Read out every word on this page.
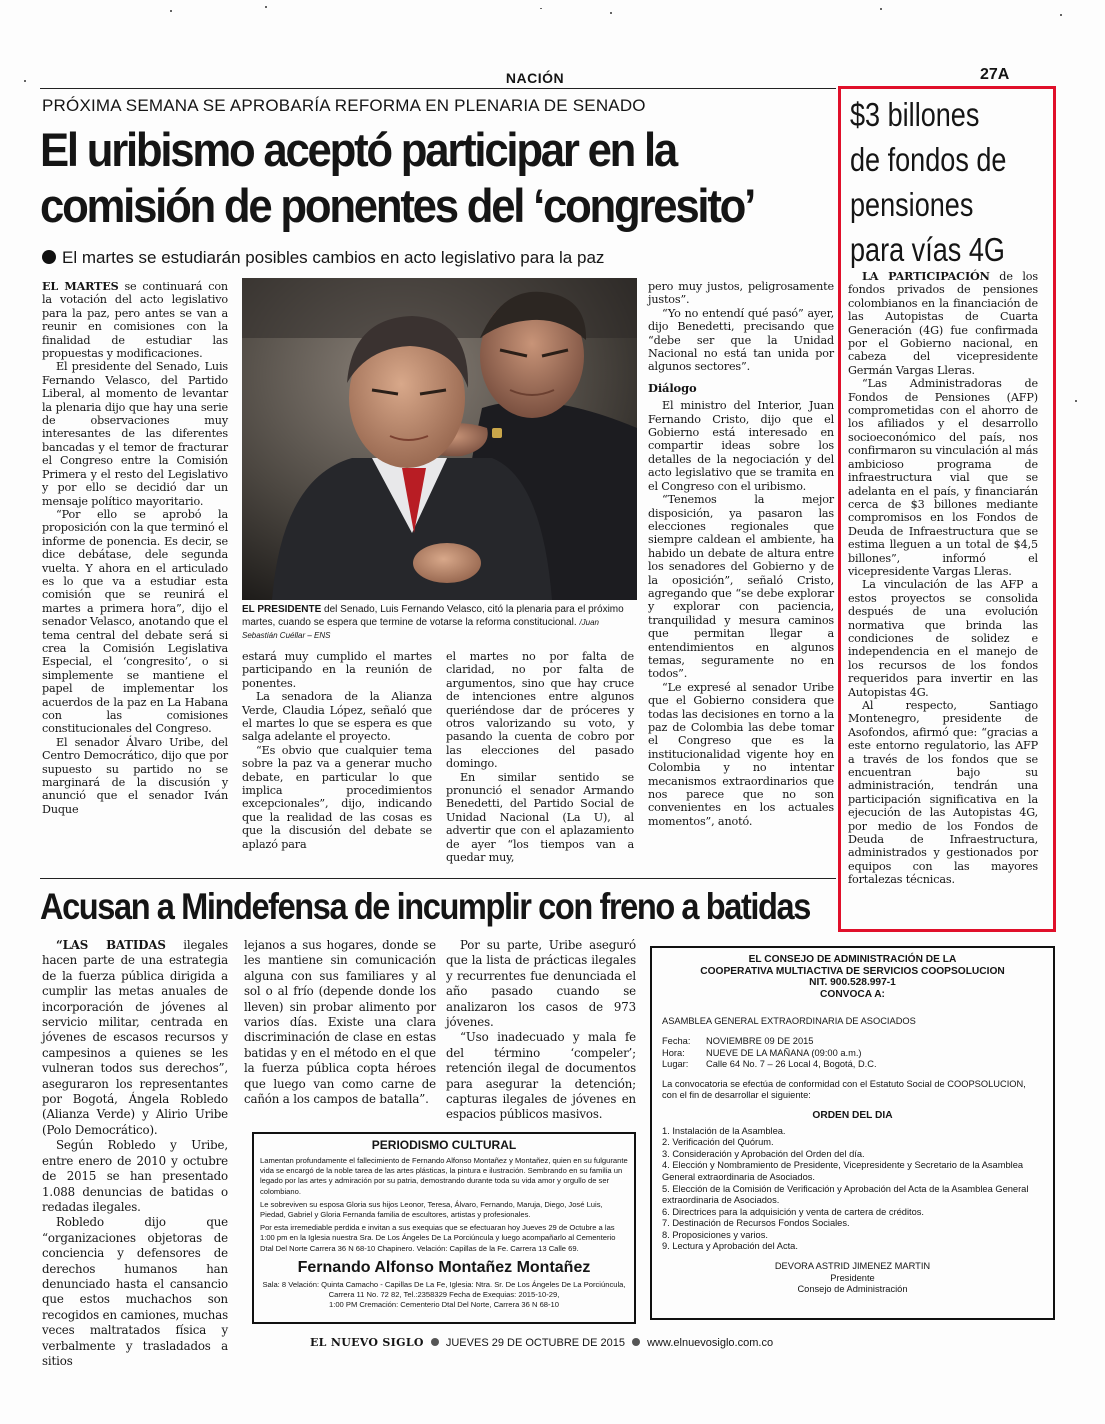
NACIÓN	27A
PRÓXIMA SEMANA SE APROBARÍA REFORMA EN PLENARIA DE SENADO
El uribismo aceptó participar en la
comisión de ponentes del ‘congresito’
El martes se estudiarán posibles cambios en acto legislativo para la paz

EL MARTES se continuará con la votación del acto legislativo para la paz, pero antes se van a reunir en comisiones con la finalidad de estudiar las propuestas y modificaciones.

El presidente del Senado, Luis Fernando Velasco, del Partido Liberal, al momento de levantar la plenaria dijo que hay una serie de observaciones muy interesantes de las diferentes bancadas y el temor de fracturar el Congreso entre la Comisión Primera y el resto del Legislativo y por ello se decidió dar un mensaje político mayoritario.

“Por ello se aprobó la proposición con la que terminó el informe de ponencia. Es decir, se dice debátase, dele segunda vuelta. Y ahora en el articulado es lo que va a estudiar esta comisión que se reunirá el martes a primera hora”, dijo el senador Velasco, anotando que el tema central del debate será si crea la Comisión Legislativa Especial, el ‘congresito’, o si simplemente se mantiene el papel de implementar los acuerdos de la paz en La Habana con las comisiones constitucionales del Congreso.

El senador Álvaro Uribe, del Centro Democrático, dijo que por supuesto su partido no se marginará de la discusión y anunció que el senador Iván Duque

EL PRESIDENTE del Senado, Luis Fernando Velasco, citó la plenaria para el próximo martes, cuando se espera que termine de votarse la reforma constitucional. /Juan Sebastián Cuéllar – ENS

estará muy cumplido el martes participando en la reunión de ponentes.

La senadora de la Alianza Verde, Claudia López, señaló que el martes lo que se espera es que salga adelante el proyecto.

“Es obvio que cualquier tema sobre la paz va a generar mucho debate, en particular lo que implica procedimientos excepcionales”, dijo, indicando que la realidad de las cosas es que la discusión del debate se aplazó para

el martes no por falta de claridad, no por falta de argumentos, sino que hay cruce de intenciones entre algunos queriéndose dar de próceres y otros valorizando su voto, y pasando la cuenta de cobro por las elecciones del pasado domingo.

En similar sentido se pronunció el senador Armando Benedetti, del Partido Social de Unidad Nacional (La U), al advertir que con el aplazamiento de ayer “los tiempos van a quedar muy,

pero muy justos, peligrosamente justos”.

“Yo no entendí qué pasó” ayer, dijo Benedetti, precisando que “debe ser que la Unidad Nacional no está tan unida por algunos sectores”.

Diálogo

El ministro del Interior, Juan Fernando Cristo, dijo que el Gobierno está interesado en compartir ideas sobre los detalles de la negociación y del acto legislativo que se tramita en el Congreso con el uribismo.

“Tenemos la mejor disposición, ya pasaron las elecciones regionales que siempre caldean el ambiente, ha habido un debate de altura entre los senadores del Gobierno y de la oposición”, señaló Cristo, agregando que “se debe explorar y explorar con paciencia, tranquilidad y mesura caminos que permitan llegar a entendimientos en algunos temas, seguramente no en todos”.

“Le expresé al senador Uribe que el Gobierno considera que todas las decisiones en torno a la paz de Colombia las debe tomar el Congreso que es la institucionalidad vigente hoy en Colombia y no intentar mecanismos extraordinarios que nos parece que no son convenientes en los actuales momentos”, anotó.

$3 billones
de fondos de
pensiones
para vías 4G

LA PARTICIPACIÓN de los fondos privados de pensiones colombianos en la financiación de las Autopistas de Cuarta Generación (4G) fue confirmada por el Gobierno nacional, en cabeza del vicepresidente Germán Vargas Lleras.

“Las Administradoras de Fondos de Pensiones (AFP) comprometidas con el ahorro de los afiliados y el desarrollo socioeconómico del país, nos confirmaron su vinculación al más ambicioso programa de infraestructura vial que se adelanta en el país, y financiarán cerca de $3 billones mediante compromisos en los Fondos de Deuda de Infraestructura que se estima lleguen a un total de $4,5 billones”, informó el vicepresidente Vargas Lleras.

La vinculación de las AFP a estos proyectos se consolida después de una evolución normativa que brinda las condiciones de solidez e independencia en el manejo de los recursos de los fondos requeridos para invertir en las Autopistas 4G.

Al respecto, Santiago Montenegro, presidente de Asofondos, afirmó que: “gracias a este entorno regulatorio, las AFP a través de los fondos que se encuentran bajo su administración, tendrán una participación significativa en la ejecución de las Autopistas 4G, por medio de los Fondos de Deuda de Infraestructura, administrados y gestionados por equipos con las mayores fortalezas técnicas.

Acusan a Mindefensa de incumplir con freno a batidas

“LAS BATIDAS ilegales hacen parte de una estrategia de la fuerza pública dirigida a cumplir las metas anuales de incorporación de jóvenes al servicio militar, centrada en jóvenes de escasos recursos y campesinos a quienes se les vulneran todos sus derechos”, aseguraron los representantes por Bogotá, Ángela Robledo (Alianza Verde) y Alirio Uribe (Polo Democrático).

Según Robledo y Uribe, entre enero de 2010 y octubre de 2015 se han presentado 1.088 denuncias de batidas o redadas ilegales.

Robledo dijo que “organizaciones objetoras de conciencia y defensores de derechos humanos han denunciado hasta el cansancio que estos muchachos son recogidos en camiones, muchas veces maltratados física y verbalmente y trasladados a sitios

lejanos a sus hogares, donde se les mantiene sin comunicación alguna con sus familiares y al sol o al frío (depende donde los lleven) sin probar alimento por varios días. Existe una clara discriminación de clase en estas batidas y en el método en el que la fuerza pública copta héroes que luego van como carne de cañón a los campos de batalla”.

Por su parte, Uribe aseguró que la lista de prácticas ilegales y recurrentes fue denunciada el año pasado cuando se analizaron los casos de 973 jóvenes.

“Uso inadecuado y mala fe del término ‘compeler’; retención ilegal de documentos para asegurar la detención; capturas ilegales de jóvenes en espacios públicos masivos.

PERIODISMO CULTURAL
Lamentan profundamente el fallecimiento de Fernando Alfonso Montañez y Montañez, quien en su fulgurante vida se encargó de la noble tarea de las artes plásticas, la pintura e ilustración. Sembrando en su familia un legado por las artes y admiración por su patria, demostrando durante toda su vida amor y orgullo de ser colombiano.
Le sobreviven su esposa Gloria sus hijos Leonor, Teresa, Álvaro, Fernando, Maruja, Diego, José Luis, Piedad, Gabriel y Gloria Fernanda familia de escultores, artistas y profesionales.
Por esta irremediable perdida e invitan a sus exequias que se efectuaran hoy Jueves 29 de Octubre a las 1:00 pm en la Iglesia nuestra Sra. De Los Ángeles De La Porciúncula y luego acompañarlo al Cementerio Dtal Del Norte Carrera 36 N 68-10 Chapinero. Velación: Capillas de la Fe. Carrera 13 Calle 69.
Fernando Alfonso Montañez Montañez
Sala: 8 Velación: Quinta Camacho - Capillas De La Fe, Iglesia: Ntra. Sr. De Los Ángeles De La Porciúncula,
Carrera 11 No. 72 82, Tel.:2358329 Fecha de Exequias: 2015-10-29,
1:00 PM Cremación: Cementerio Dtal Del Norte, Carrera 36 N 68-10
EL CONSEJO DE ADMINISTRACIÓN DE LA
COOPERATIVA MULTIACTIVA DE SERVICIOS COOPSOLUCION
NIT. 900.528.997-1
CONVOCA A:
ASAMBLEA GENERAL EXTRAORDINARIA DE ASOCIADOS
Fecha:	NOVIEMBRE 09 DE 2015
Hora:	NUEVE DE LA MAÑANA (09:00 a.m.)
Lugar:	Calle 64 No. 7 – 26 Local 4, Bogotá, D.C.
La convocatoria se efectúa de conformidad con el Estatuto Social de COOPSOLUCION, con el fin de desarrollar el siguiente:
ORDEN DEL DIA
1. Instalación de la Asamblea.
2. Verificación del Quórum.
3. Consideración y Aprobación del Orden del día.
4. Elección y Nombramiento de Presidente, Vicepresidente y Secretario de la Asamblea General extraordinaria de Asociados.
5. Elección de la Comisión de Verificación y Aprobación del Acta de la Asamblea General extraordinaria de Asociados.
6. Directrices para la adquisición y venta de cartera de créditos.
7. Destinación de Recursos Fondos Sociales.
8. Proposiciones y varios.
9. Lectura y Aprobación del Acta.
DEVORA ASTRID JIMENEZ MARTIN
Presidente
Consejo de Administración
EL NUEVO SIGLO JUEVES 29 DE OCTUBRE DE 2015 www.elnuevosiglo.com.co
